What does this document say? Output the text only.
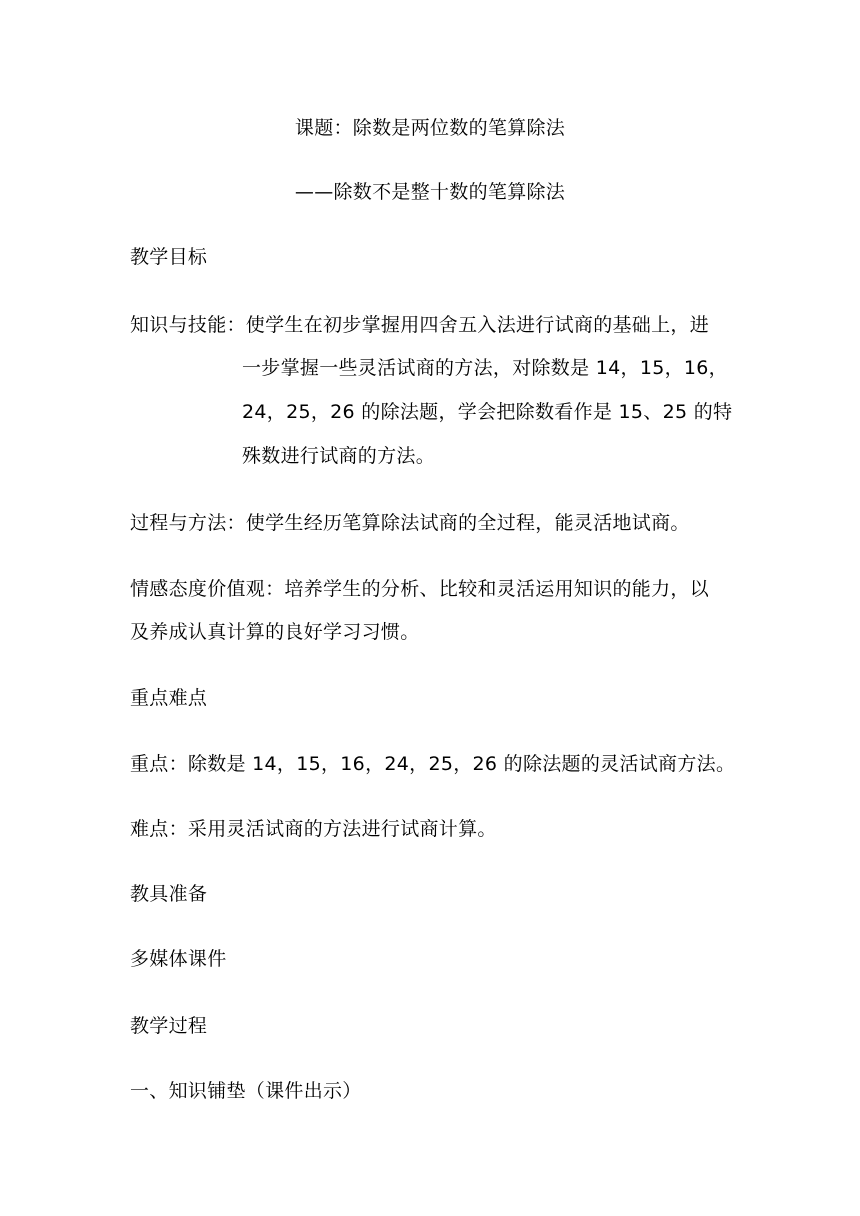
课题：除数是两位数的笔算除法
——除数不是整十数的笔算除法
教学目标
知识与技能：使学生在初步掌握用四舍五入法进行试商的基础上，进
一步掌握一些灵活试商的方法，对除数是 14，15，16，
24，25，26 的除法题，学会把除数看作是 15、25 的特
殊数进行试商的方法。
过程与方法：使学生经历笔算除法试商的全过程，能灵活地试商。
情感态度价值观：培养学生的分析、比较和灵活运用知识的能力，以
及养成认真计算的良好学习习惯。
重点难点
重点：除数是 14，15，16，24，25，26 的除法题的灵活试商方法。
难点：采用灵活试商的方法进行试商计算。
教具准备
多媒体课件
教学过程
一、知识铺垫（课件出示）
